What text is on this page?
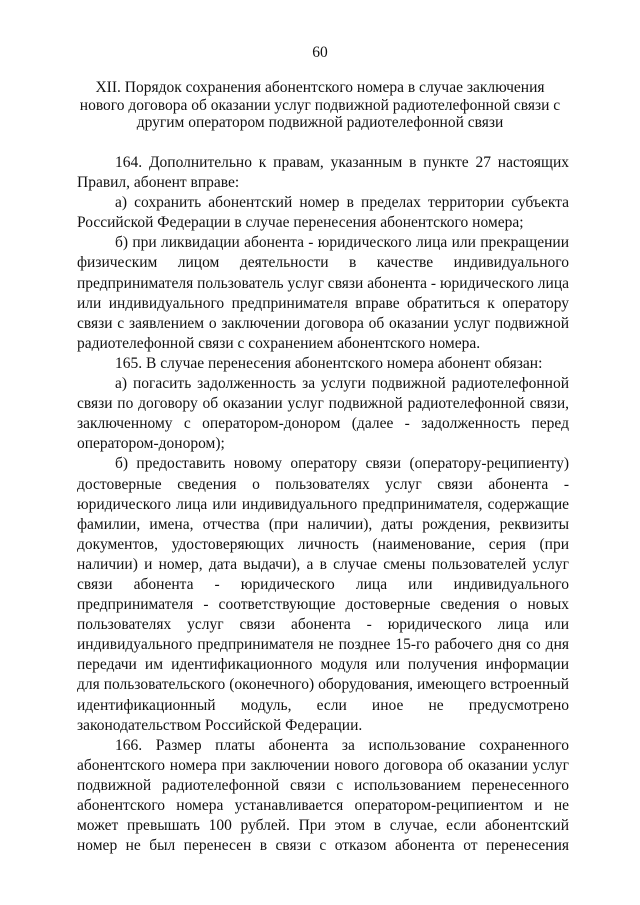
60
XII. Порядок сохранения абонентского номера в случае заключения нового договора об оказании услуг подвижной радиотелефонной связи с другим оператором подвижной радиотелефонной связи

164. Дополнительно к правам, указанным в пункте 27 настоящих Правил, абонент вправе:

а) сохранить абонентский номер в пределах территории субъекта Российской Федерации в случае перенесения абонентского номера;

б) при ликвидации абонента - юридического лица или прекращении физическим лицом деятельности в качестве индивидуального предпринимателя пользователь услуг связи абонента - юридического лица или индивидуального предпринимателя вправе обратиться к оператору связи с заявлением о заключении договора об оказании услуг подвижной радиотелефонной связи с сохранением абонентского номера.

165. В случае перенесения абонентского номера абонент обязан:

а) погасить задолженность за услуги подвижной радиотелефонной связи по договору об оказании услуг подвижной радиотелефонной связи, заключенному с оператором-донором (далее - задолженность перед оператором-донором);

б) предоставить новому оператору связи (оператору-реципиенту) достоверные сведения о пользователях услуг связи абонента - юридического лица или индивидуального предпринимателя, содержащие фамилии, имена, отчества (при наличии), даты рождения, реквизиты документов, удостоверяющих личность (наименование, серия (при наличии) и номер, дата выдачи), а в случае смены пользователей услуг связи абонента - юридического лица или индивидуального предпринимателя - соответствующие достоверные сведения о новых пользователях услуг связи абонента - юридического лица или индивидуального предпринимателя не позднее 15-го рабочего дня со дня передачи им идентификационного модуля или получения информации для пользовательского (оконечного) оборудования, имеющего встроенный идентификационный модуль, если иное не предусмотрено законодательством Российской Федерации.

166. Размер платы абонента за использование сохраненного абонентского номера при заключении нового договора об оказании услуг подвижной радиотелефонной связи с использованием перенесенного абонентского номера устанавливается оператором-реципиентом и не может превышать 100 рублей. При этом в случае, если абонентский номер не был перенесен в связи с отказом абонента от перенесения
